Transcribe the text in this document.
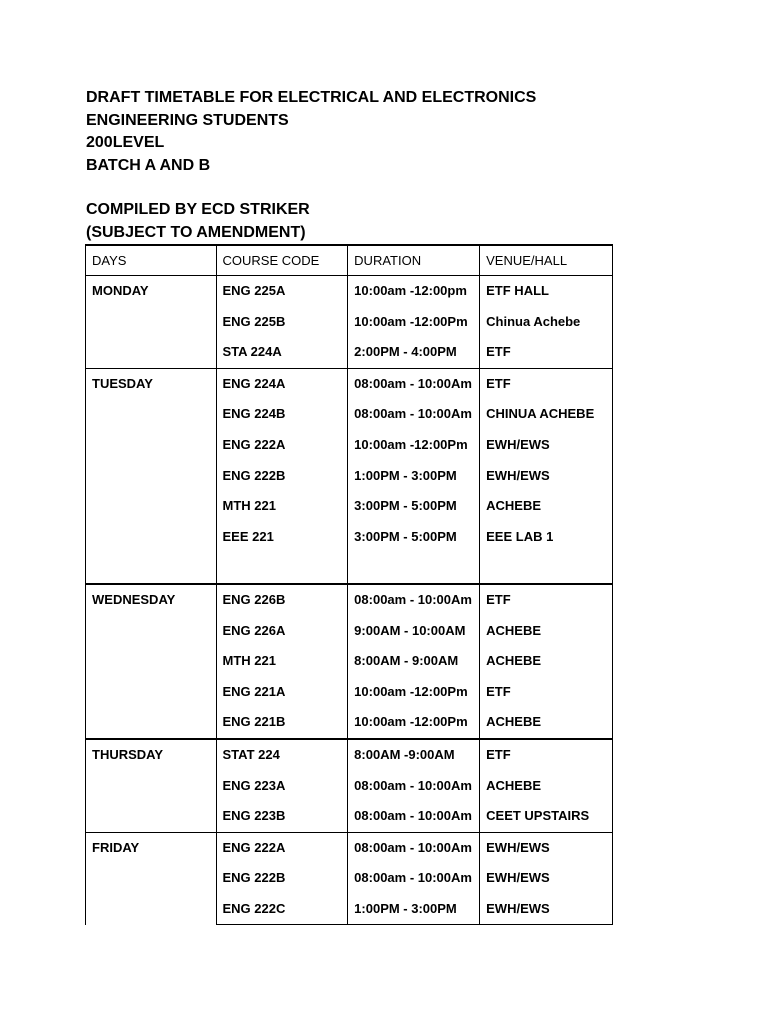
DRAFT TIMETABLE FOR ELECTRICAL AND ELECTRONICS
ENGINEERING STUDENTS
200LEVEL
BATCH A AND B
COMPILED BY ECD STRIKER
(SUBJECT TO AMENDMENT)
DAYS	COURSE CODE	DURATION	VENUE/HALL
MONDAY	ENG 225A	10:00am -12:00pm	ETF HALL
	ENG 225B	10:00am -12:00Pm	Chinua Achebe
	STA 224A	2:00PM - 4:00PM	ETF
TUESDAY	ENG 224A	08:00am - 10:00Am	ETF
	ENG 224B	08:00am - 10:00Am	CHINUA ACHEBE
	ENG 222A	10:00am -12:00Pm	EWH/EWS
	ENG 222B	1:00PM - 3:00PM	EWH/EWS
	MTH 221	3:00PM - 5:00PM	ACHEBE
	EEE 221	3:00PM - 5:00PM	EEE LAB 1

WEDNESDAY	ENG 226B	08:00am - 10:00Am	ETF
	ENG 226A	9:00AM - 10:00AM	ACHEBE
	MTH 221	8:00AM - 9:00AM	ACHEBE
	ENG 221A	10:00am -12:00Pm	ETF
	ENG 221B	10:00am -12:00Pm	ACHEBE
THURSDAY	STAT 224	8:00AM -9:00AM	ETF
	ENG 223A	08:00am - 10:00Am	ACHEBE
	ENG 223B	08:00am - 10:00Am	CEET UPSTAIRS
FRIDAY	ENG 222A	08:00am - 10:00Am	EWH/EWS
	ENG 222B	08:00am - 10:00Am	EWH/EWS
	ENG 222C	1:00PM - 3:00PM	EWH/EWS
